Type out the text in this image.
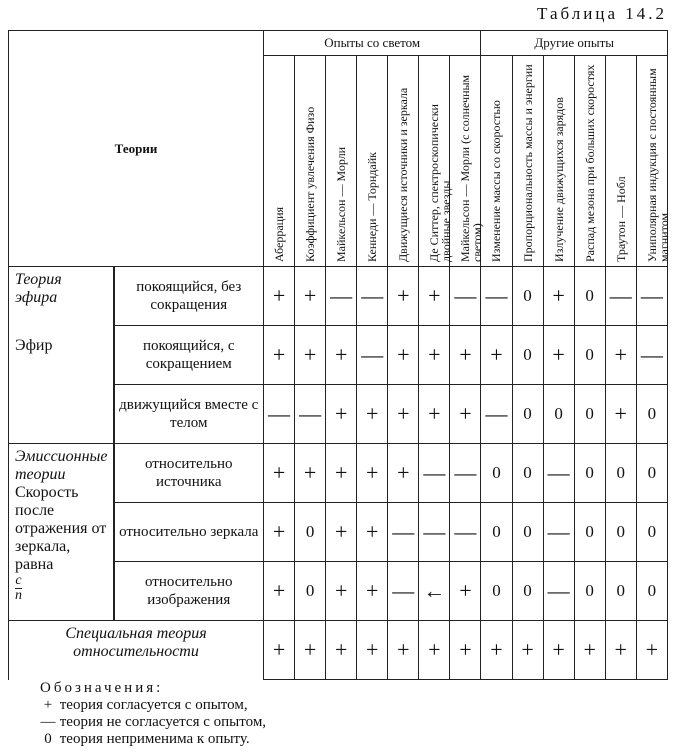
Таблица 14.2
Теории		Опыты со светом							Другие опыты					

		Аберрация	Коэффициент увлечения Физо	Майкельсон — Морли	Кеннеди — Торндайк	Движущиеся источники и зеркала	Де Ситтер, спектроскопически двойные звезды	Майкельсон — Морли (с солнечным светом)	Изменение массы со скоростью	Пропорциональность массы и энергии	Излучение движущихся зарядов	Распад мезона при больших скоростях	Траутон — Нобл	Униполярная индукция с постоянным магнитом

Теория эфира
Эфир	покоящийся, без сокращения	+	+	—	—	+	+	—	—	0	+	0	—	—
	покоящийся, с сокращением	+	+	+	—	+	+	+	+	0	+	0	+	—
	движущийся вместе с телом	—	—	+	+	+	+	+	—	0	0	0	+	0

Эмиссионные теории
Скорость после отражения от зеркала, равна
$\frac{c}{n}$	относительно источника	+	+	+	+	+	—	—	0	0	—	0	0	0
	относительно зеркала	+	0	+	+	—	—	—	0	0	—	0	0	0
	относительно изображения	+	0	+	+	—	←	+	0	0	—	0	0	0
Специальная теория относительности		+	+	+	+	+	+	+	+	+	+	+	+	+
Обозначения:
+ теория согласуется с опытом,
— теория не согласуется с опытом,
0 теория неприменима к опыту.
